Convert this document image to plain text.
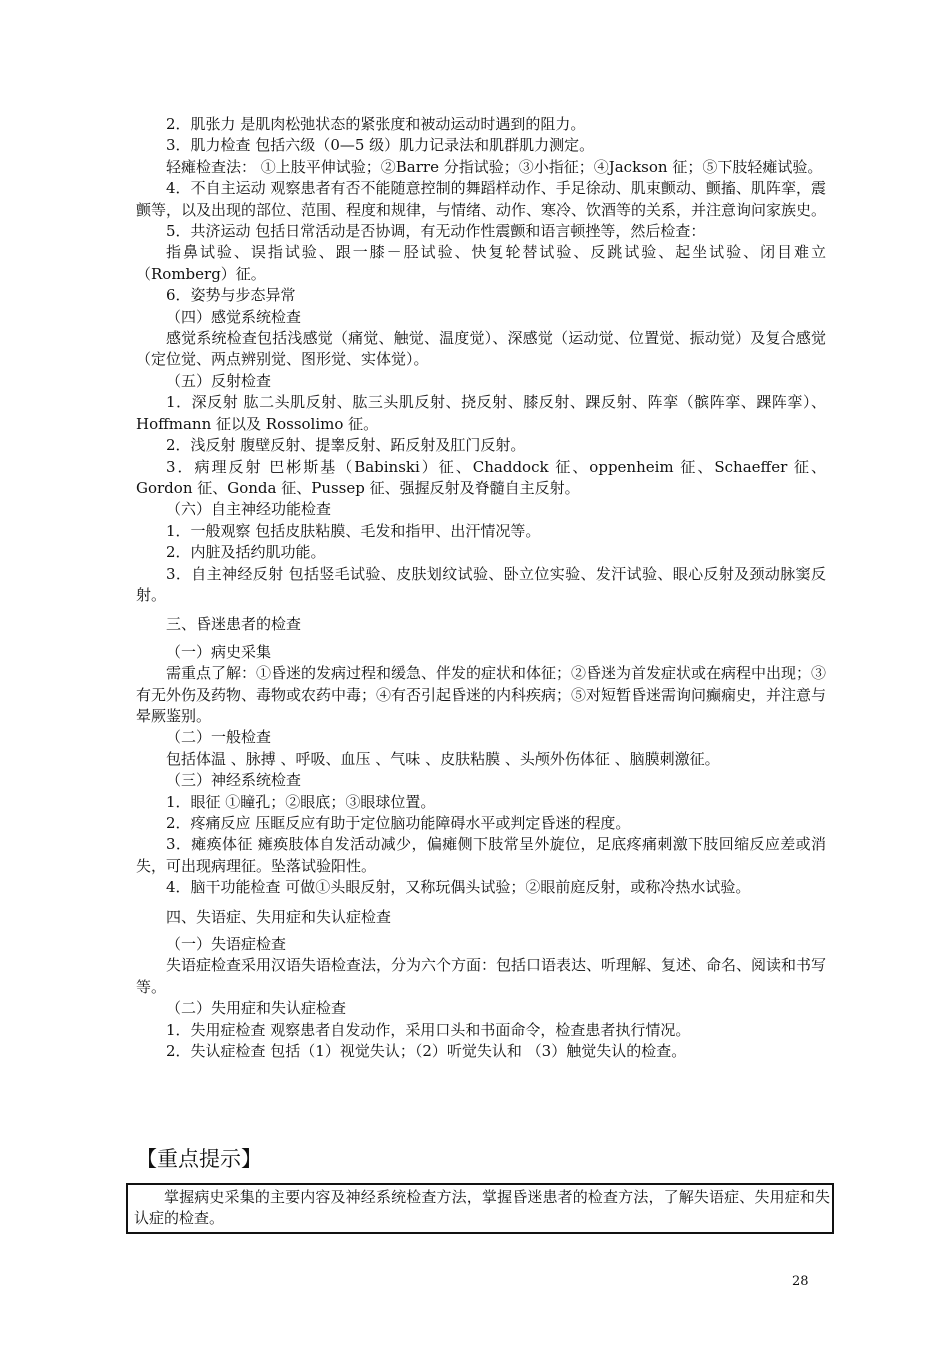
2．肌张力 是肌肉松弛状态的紧张度和被动运动时遇到的阻力。

3．肌力检查 包括六级（0—5 级）肌力记录法和肌群肌力测定。

轻瘫检查法： ①上肢平伸试验；②Barre 分指试验；③小指征；④Jackson 征；⑤下肢轻瘫试验。

4．不自主运动 观察患者有否不能随意控制的舞蹈样动作、手足徐动、肌束颤动、颤搐、肌阵挛，震颤等，以及出现的部位、范围、程度和规律，与情绪、动作、寒冷、饮酒等的关系，并注意询问家族史。

5．共济运动 包括日常活动是否协调，有无动作性震颤和语言顿挫等，然后检查：

指鼻试验、误指试验、跟一膝－胫试验、快复轮替试验、反跳试验、起坐试验、闭目难立（Romberg）征。

6．姿势与步态异常

（四）感觉系统检查

感觉系统检查包括浅感觉（痛觉、触觉、温度觉）、深感觉（运动觉、位置觉、振动觉）及复合感觉（定位觉、两点辨别觉、图形觉、实体觉）。

（五）反射检查

1．深反射 肱二头肌反射、肱三头肌反射、挠反射、膝反射、踝反射、阵挛（髌阵挛、踝阵挛）、Hoffmann 征以及 Rossolimo 征。

2．浅反射 腹壁反射、提睾反射、跖反射及肛门反射。

3．病理反射 巴彬斯基（Babinski）征、Chaddock 征、oppenheim 征、Schaeffer 征、Gordon 征、Gonda 征、Pussep 征、强握反射及脊髓自主反射。

（六）自主神经功能检查

1．一般观察 包括皮肤粘膜、毛发和指甲、出汗情况等。

2．内脏及括约肌功能。

3．自主神经反射 包括竖毛试验、皮肤划纹试验、卧立位实验、发汗试验、眼心反射及颈动脉窦反射。

三、昏迷患者的检查

（一）病史采集

需重点了解：①昏迷的发病过程和缓急、伴发的症状和体征；②昏迷为首发症状或在病程中出现；③有无外伤及药物、毒物或农药中毒；④有否引起昏迷的内科疾病；⑤对短暂昏迷需询问癫痫史，并注意与晕厥鉴别。

（二）一般检查

包括体温 、脉搏 、呼吸、血压 、气味 、皮肤粘膜 、头颅外伤体征 、脑膜刺激征。

（三）神经系统检查

1．眼征 ①瞳孔；②眼底；③眼球位置。

2．疼痛反应 压眶反应有助于定位脑功能障碍水平或判定昏迷的程度。

3．瘫痪体征 瘫痪肢体自发活动减少，偏瘫侧下肢常呈外旋位，足底疼痛刺激下肢回缩反应差或消失，可出现病理征。坠落试验阳性。

4．脑干功能检查 可做①头眼反射，又称玩偶头试验；②眼前庭反射，或称冷热水试验。

四、失语症、失用症和失认症检查

（一）失语症检查

失语症检查采用汉语失语检查法，分为六个方面：包括口语表达、听理解、复述、命名、阅读和书写等。

（二）失用症和失认症检查

1．失用症检查 观察患者自发动作，采用口头和书面命令，检查患者执行情况。

2．失认症检查 包括（1）视觉失认；（2）听觉失认和 （3）触觉失认的检查。

【重点提示】

掌握病史采集的主要内容及神经系统检查方法，掌握昏迷患者的检查方法，了解失语症、失用症和失认症的检查。

28
